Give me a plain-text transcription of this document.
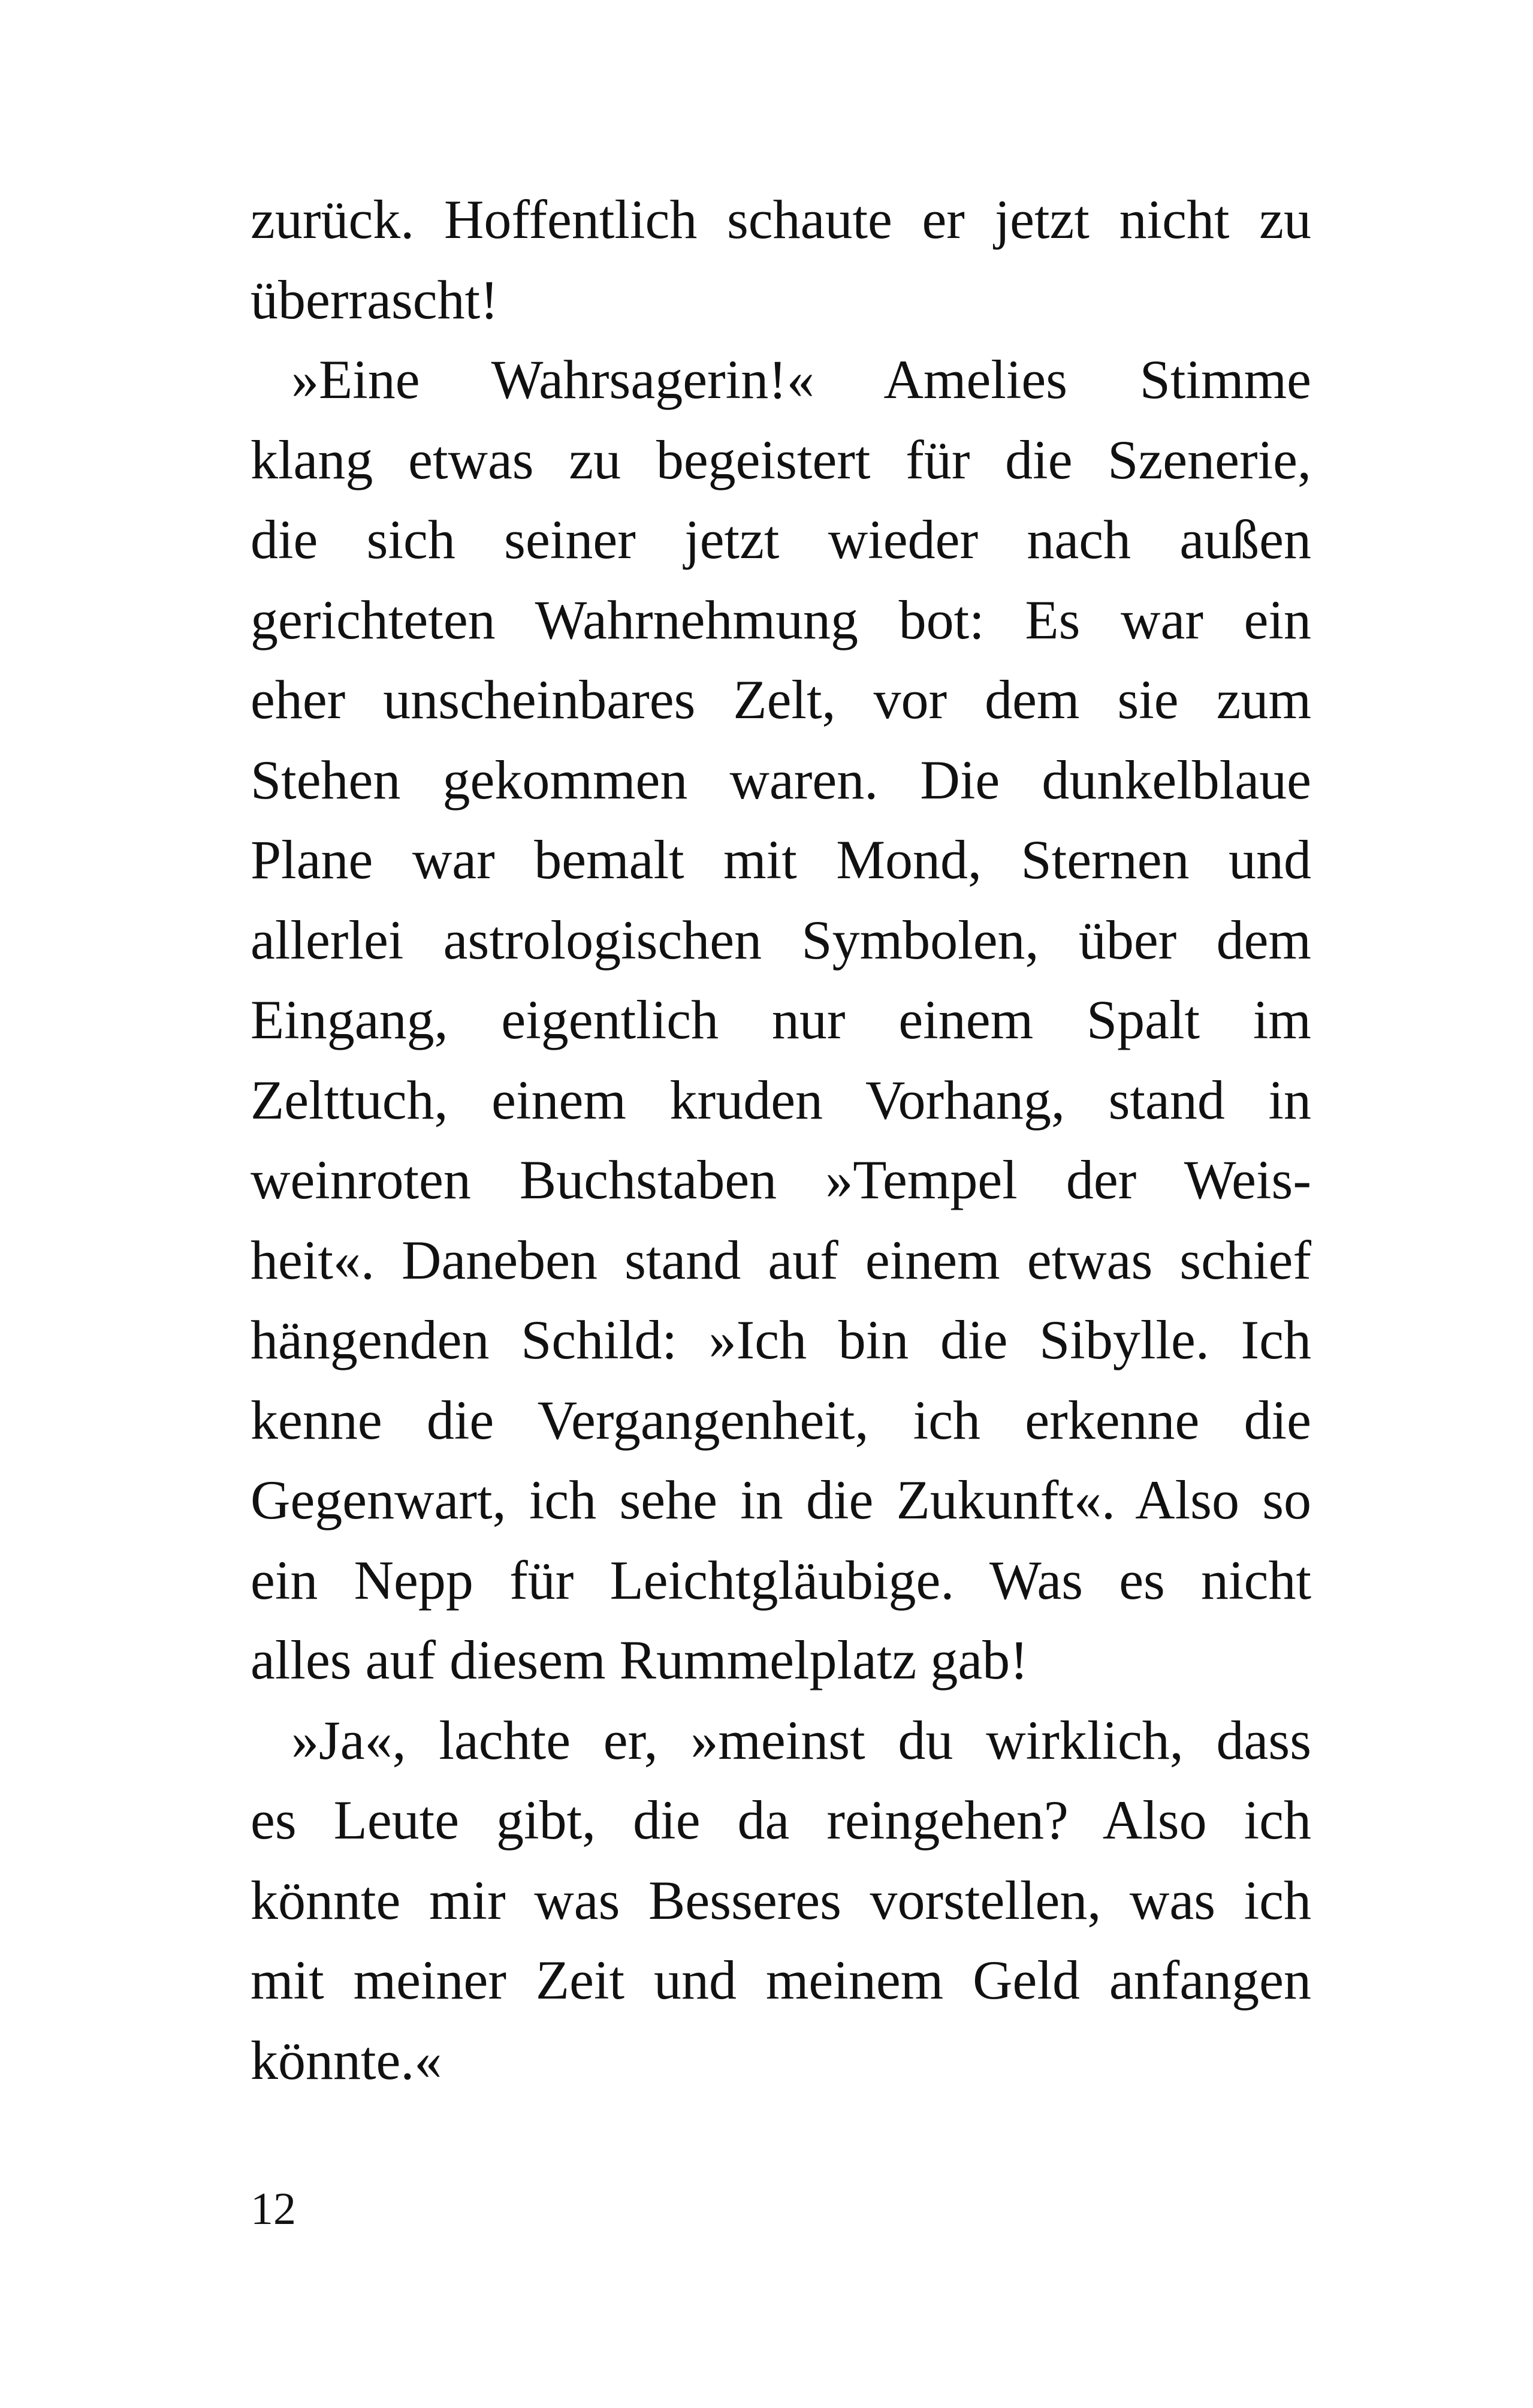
zurück. Hoffentlich schaute er jetzt nicht zu
überrascht!
»Eine Wahrsagerin!« Amelies Stimme
klang etwas zu begeistert für die Szenerie,
die sich seiner jetzt wieder nach außen
gerichteten Wahrnehmung bot: Es war ein
eher unscheinbares Zelt, vor dem sie zum
Stehen gekommen waren. Die dunkelblaue
Plane war bemalt mit Mond, Sternen und
allerlei astrologischen Symbolen, über dem
Eingang, eigentlich nur einem Spalt im
Zelttuch, einem kruden Vorhang, stand in
weinroten Buchstaben »Tempel der Weis-
heit«. Daneben stand auf einem etwas schief
hängenden Schild: »Ich bin die Sibylle. Ich
kenne die Vergangenheit, ich erkenne die
Gegenwart, ich sehe in die Zukunft«. Also so
ein Nepp für Leichtgläubige. Was es nicht
alles auf diesem Rummelplatz gab!
»Ja«, lachte er, »meinst du wirklich, dass
es Leute gibt, die da reingehen? Also ich
könnte mir was Besseres vorstellen, was ich
mit meiner Zeit und meinem Geld anfangen
könnte.«
12
